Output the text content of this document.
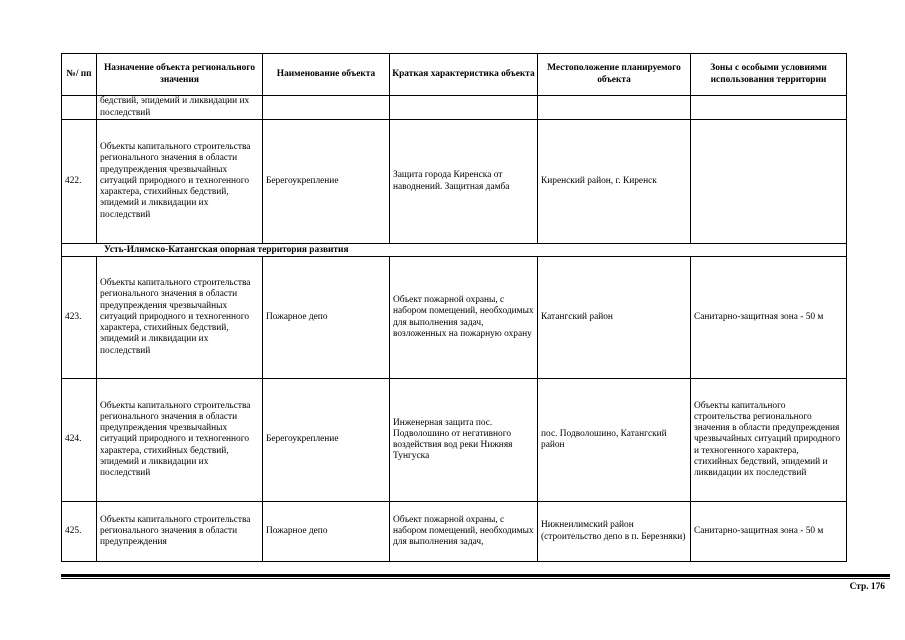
№/ пп	Назначение объекта регионального значения	Наименование объекта	Краткая характеристика объекта	Местоположение планируемого объекта	Зоны с особыми условиями использования территории
	бедствий, эпидемий и ликвидации их последствий				
422.	Объекты капитального строительства регионального значения в области предупреждения чрезвычайных ситуаций природного и техногенного характера, стихийных бедствий, эпидемий и ликвидации их последствий	Берегоукрепление	Защита города Киренска от наводнений. Защитная дамба	Киренский район, г. Киренск	
Усть-Илимско-Катангская опорная территория развития					
423.	Объекты капитального строительства регионального значения в области предупреждения чрезвычайных ситуаций природного и техногенного характера, стихийных бедствий, эпидемий и ликвидации их последствий	Пожарное депо	Объект пожарной охраны, с набором помещений, необходимых для выполнения задач, возложенных на пожарную охрану	Катангский район	Санитарно-защитная зона - 50 м
424.	Объекты капитального строительства регионального значения в области предупреждения чрезвычайных ситуаций природного и техногенного характера, стихийных бедствий, эпидемий и ликвидации их последствий	Берегоукрепление	Инженерная защита пос. Подволошино от негативного воздействия вод реки Нижняя Тунгуска	пос. Подволошино, Катангский район	Объекты капитального строительства регионального значения в области предупреждения чрезвычайных ситуаций природного и техногенного характера, стихийных бедствий, эпидемий и ликвидации их последствий
425.	Объекты капитального строительства регионального значения в области предупреждения	Пожарное депо	Объект пожарной охраны, с набором помещений, необходимых для выполнения задач,	Нижнеилимский район (строительство депо в п. Березняки)	Санитарно-защитная зона - 50 м
Стр. 176
